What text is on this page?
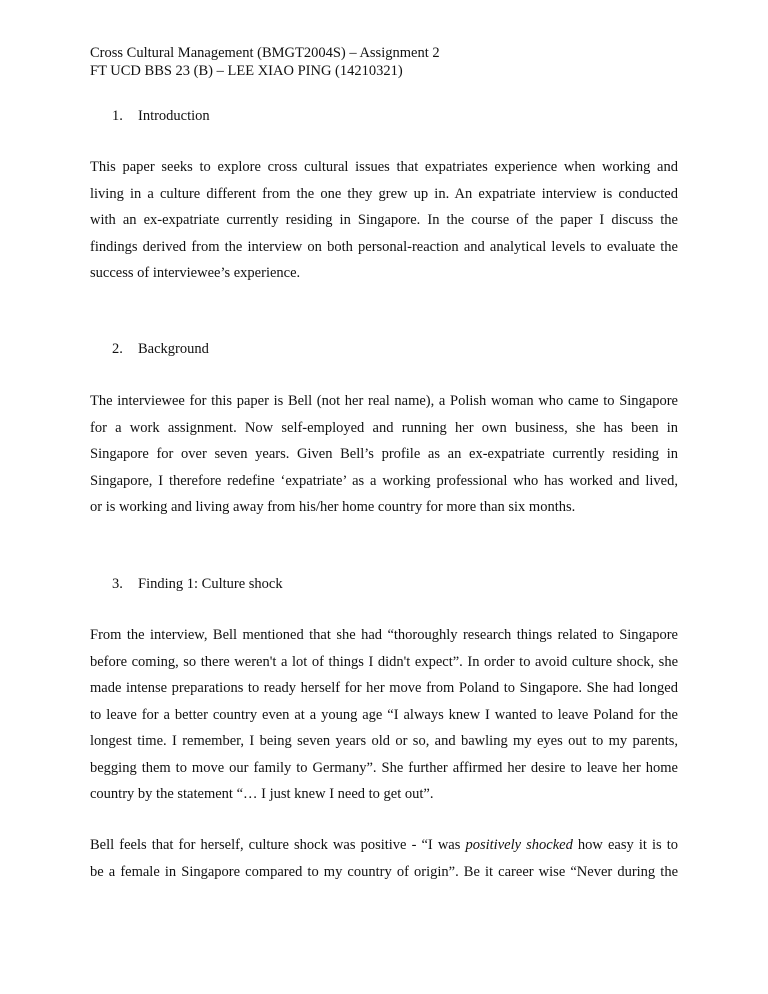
Cross Cultural Management (BMGT2004S) – Assignment 2
FT UCD BBS 23 (B) – LEE XIAO PING (14210321)
1. Introduction
This paper seeks to explore cross cultural issues that expatriates experience when working and
living in a culture different from the one they grew up in. An expatriate interview is conducted
with an ex-expatriate currently residing in Singapore. In the course of the paper I discuss the
findings derived from the interview on both personal-reaction and analytical levels to evaluate the
success of interviewee’s experience.
2. Background
The interviewee for this paper is Bell (not her real name), a Polish woman who came to Singapore
for a work assignment. Now self-employed and running her own business, she has been in
Singapore for over seven years. Given Bell’s profile as an ex-expatriate currently residing in
Singapore, I therefore redefine ‘expatriate’ as a working professional who has worked and lived,
or is working and living away from his/her home country for more than six months.
3. Finding 1: Culture shock
From the interview, Bell mentioned that she had “thoroughly research things related to Singapore
before coming, so there weren't a lot of things I didn't expect”. In order to avoid culture shock, she
made intense preparations to ready herself for her move from Poland to Singapore. She had longed
to leave for a better country even at a young age “I always knew I wanted to leave Poland for the
longest time. I remember, I being seven years old or so, and bawling my eyes out to my parents,
begging them to move our family to Germany”. She further affirmed her desire to leave her home
country by the statement “… I just knew I need to get out”.
Bell feels that for herself, culture shock was positive - “I was positively shocked how easy it is to
be a female in Singapore compared to my country of origin”. Be it career wise “Never during the
